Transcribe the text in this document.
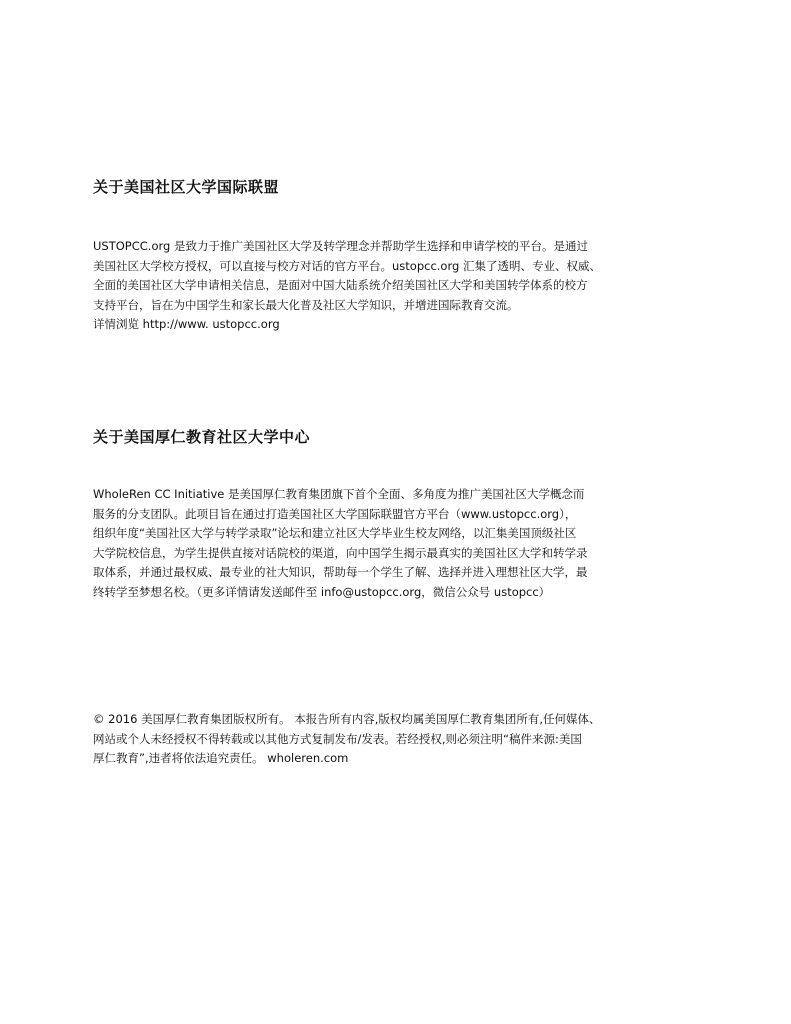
关于美国社区大学国际联盟

USTOPCC.org 是致力于推广美国社区大学及转学理念并帮助学生选择和申请学校的平台。是通过
美国社区大学校方授权，可以直接与校方对话的官方平台。ustopcc.org 汇集了透明、专业、权威、
全面的美国社区大学申请相关信息，是面对中国大陆系统介绍美国社区大学和美国转学体系的校方
支持平台，旨在为中国学生和家长最大化普及社区大学知识，并增进国际教育交流。
详情浏览 http://www. ustopcc.org

关于美国厚仁教育社区大学中心

WholeRen CC Initiative 是美国厚仁教育集团旗下首个全面、多角度为推广美国社区大学概念而
服务的分支团队。此项目旨在通过打造美国社区大学国际联盟官方平台（www.ustopcc.org），
组织年度“美国社区大学与转学录取”论坛和建立社区大学毕业生校友网络，以汇集美国顶级社区
大学院校信息，为学生提供直接对话院校的渠道，向中国学生揭示最真实的美国社区大学和转学录
取体系，并通过最权威、最专业的社大知识，帮助每一个学生了解、选择并进入理想社区大学，最
终转学至梦想名校。（更多详情请发送邮件至 info@ustopcc.org，微信公众号 ustopcc）

© 2016 美国厚仁教育集团版权所有。 本报告所有内容,版权均属美国厚仁教育集团所有,任何媒体、
网站或个人未经授权不得转载或以其他方式复制发布/发表。若经授权,则必须注明“稿件来源:美国
厚仁教育”,违者将依法追究责任。 wholeren.com
